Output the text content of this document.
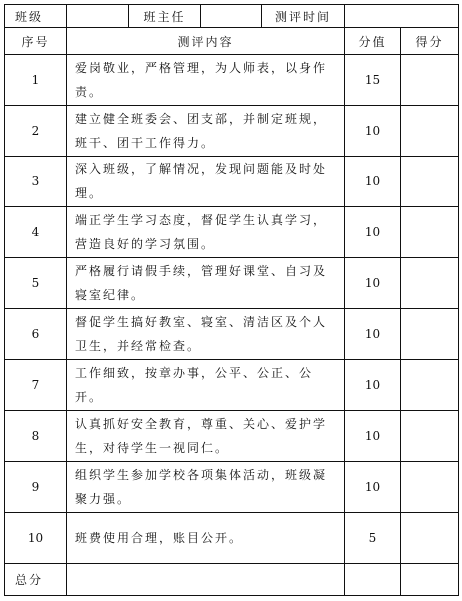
班级		班主任		测评时间		
序号	测评内容				分值	得分
1	爱岗敬业，严格管理，为人师表，以身作责。				15	
2	建立健全班委会、团支部，并制定班规，班干、团干工作得力。				10	
3	深入班级，了解情况，发现问题能及时处理。				10	
4	端正学生学习态度，督促学生认真学习，营造良好的学习氛围。				10	
5	严格履行请假手续，管理好课堂、自习及寝室纪律。				10	
6	督促学生搞好教室、寝室、清洁区及个人卫生，并经常检查。				10	
7	工作细致，按章办事，公平、公正、公开。				10	
8	认真抓好安全教育，尊重、关心、爱护学生，对待学生一视同仁。				10	
9	组织学生参加学校各项集体活动，班级凝聚力强。				10	
10	班费使用合理，账目公开。				5	
总分						
